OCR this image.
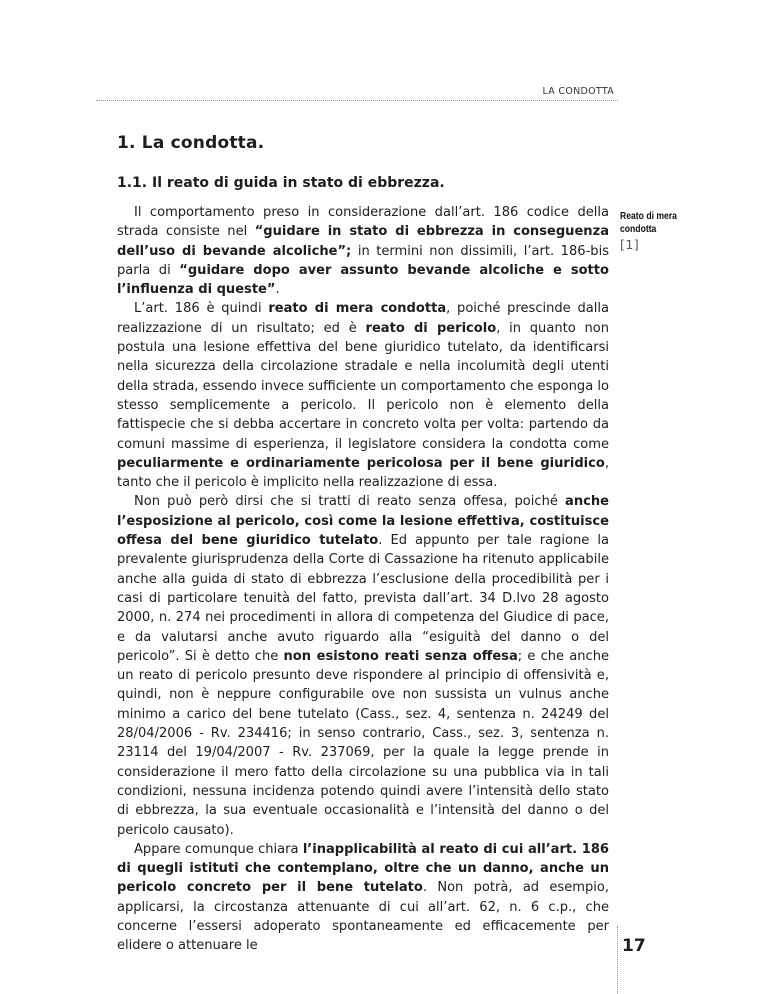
LA CONDOTTA
1. La condotta.
1.1. Il reato di guida in stato di ebbrezza.

Il comportamento preso in considerazione dall’art. 186 codice della strada consiste nel “guidare in stato di ebbrezza in conseguenza dell’uso di bevande alcoliche”; in termini non dissimili, l’art. 186-bis parla di “guidare dopo aver assunto bevande alcoliche e sotto l’influenza di queste”.

L’art. 186 è quindi reato di mera condotta, poiché prescinde dalla realizzazione di un risultato; ed è reato di pericolo, in quanto non postula una lesione effettiva del bene giuridico tutelato, da identificarsi nella sicurezza della circolazione stradale e nella incolumità degli utenti della strada, essendo invece sufficiente un comportamento che esponga lo stesso semplicemente a pericolo. Il pericolo non è elemento della fattispecie che si debba accertare in concreto volta per volta: partendo da comuni massime di esperienza, il legislatore considera la condotta come peculiarmente e ordinariamente pericolosa per il bene giuridico, tanto che il pericolo è implicito nella realizzazione di essa.

Non può però dirsi che si tratti di reato senza offesa, poiché anche l’esposizione al pericolo, così come la lesione effettiva, costituisce offesa del bene giuridico tutelato. Ed appunto per tale ragione la prevalente giurisprudenza della Corte di Cassazione ha ritenuto applicabile anche alla guida di stato di ebbrezza l’esclusione della procedibilità per i casi di particolare tenuità del fatto, prevista dall’art. 34 D.lvo 28 agosto 2000, n. 274 nei procedimenti in allora di competenza del Giudice di pace, e da valutarsi anche avuto riguardo alla “esiguità del danno o del pericolo”. Si è detto che non esistono reati senza offesa; e che anche un reato di pericolo presunto deve rispondere al principio di offensività e, quindi, non è neppure configurabile ove non sussista un vulnus anche minimo a carico del bene tutelato (Cass., sez. 4, sentenza n. 24249 del 28/04/2006 - Rv. 234416; in senso contrario, Cass., sez. 3, sentenza n. 23114 del 19/04/2007 - Rv. 237069, per la quale la legge prende in considerazione il mero fatto della circolazione su una pubblica via in tali condizioni, nessuna incidenza potendo quindi avere l’intensità dello stato di ebbrezza, la sua eventuale occasionalità e l’intensità del danno o del pericolo causato).

Appare comunque chiara l’inapplicabilità al reato di cui all’art. 186 di quegli istituti che contemplano, oltre che un danno, anche un pericolo concreto per il bene tutelato. Non potrà, ad esempio, applicarsi, la circostanza attenuante di cui all’art. 62, n. 6 c.p., che concerne l’essersi adoperato spontaneamente ed efficacemente per elidere o attenuare le

Reato di mera
condotta
[1]
17
